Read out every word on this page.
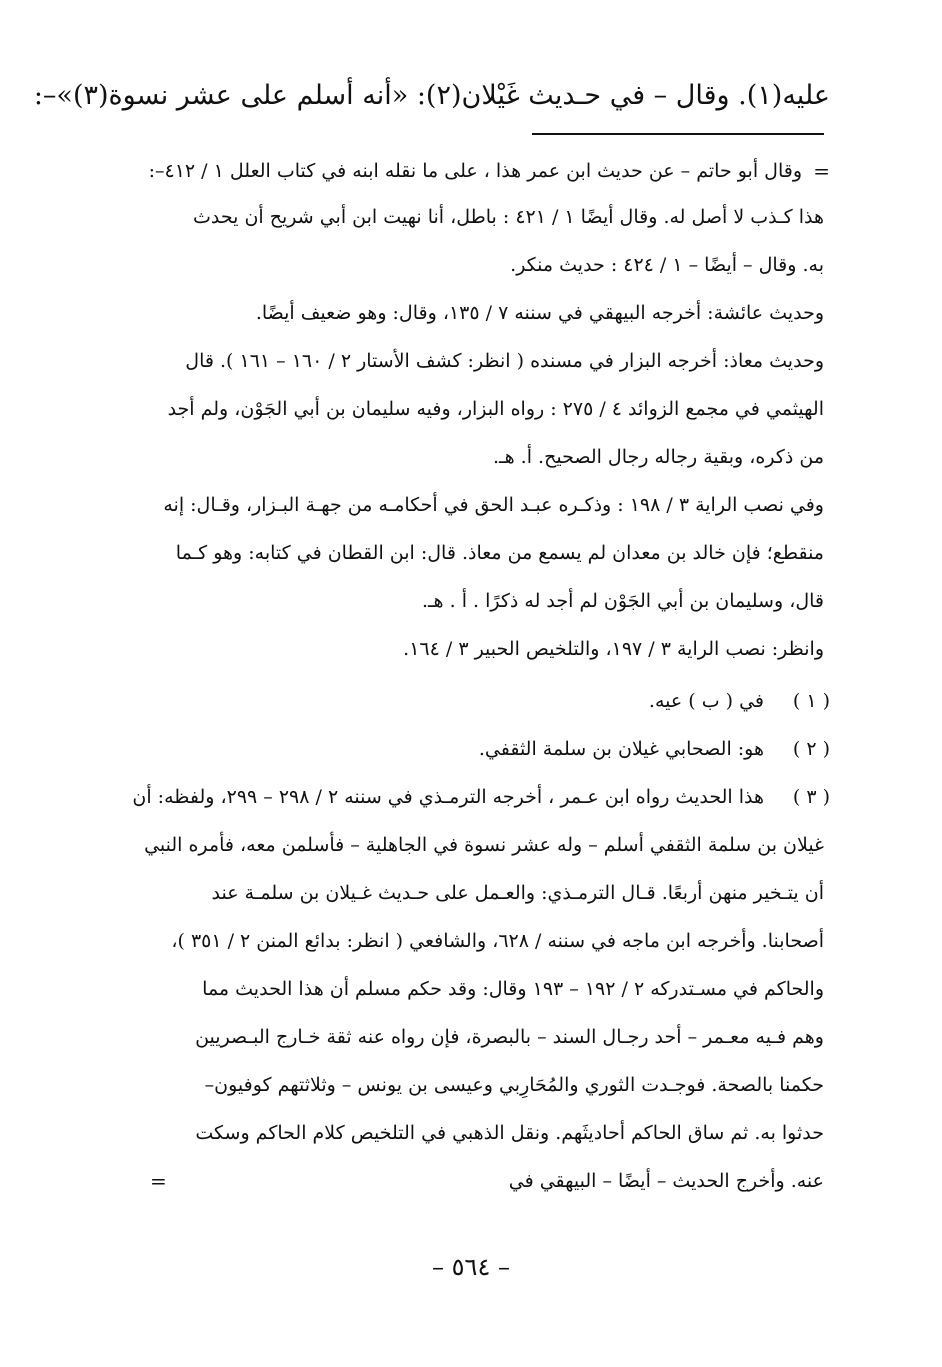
عليه(١). وقال – في حـديث غَيْلان(٢): «أنه أسلم على عشر نسوة(٣)»–:

=
وقال أبو حاتم – عن حديث ابن عمر هذا ، على ما نقله ابنه في كتاب العلل ١ / ٤١٢–:
هذا كـذب لا أصل له. وقال أيضًا ١ / ٤٢١ : باطل، أنا نهيت ابن أبي شريح أن يحدث
به. وقال – أيضًا – ١ / ٤٢٤ : حديث منكر.
وحديث عائشة: أخرجه البيهقي في سننه ٧ / ١٣٥، وقال: وهو ضعيف أيضًا.
وحديث معاذ: أخرجه البزار في مسنده ( انظر: كشف الأستار ٢ / ١٦٠ – ١٦١ ). قال
الهيثمي في مجمع الزوائد ٤ / ٢٧٥ : رواه البزار، وفيه سليمان بن أبي الجَوْن، ولم أجد
من ذكره، وبقية رجاله رجال الصحيح. أ. هـ.
وفي نصب الراية ٣ / ١٩٨ : وذكـره عبـد الحق في أحكامـه من جهـة البـزار، وقـال: إنه
منقطع؛ فإن خالد بن معدان لم يسمع من معاذ. قال: ابن القطان في كتابه: وهو كـما
قال، وسليمان بن أبي الجَوْن لم أجد له ذكرًا . أ . هـ.
وانظر: نصب الراية ٣ / ١٩٧، والتلخيص الحبير ٣ / ١٦٤.
( ١ )
في ( ب ) عيه.
( ٢ )
هو: الصحابي غيلان بن سلمة الثقفي.
( ٣ )
هذا الحديث رواه ابن عـمر ، أخرجه الترمـذي في سننه ٢ / ٢٩٨ – ٢٩٩، ولفظه: أن
غيلان بن سلمة الثقفي أسلم – وله عشر نسوة في الجاهلية – فأسلمن معه، فأمره النبي
أن يتـخير منهن أربعًا. قـال الترمـذي: والعـمل على حـديث غـيلان بن سلمـة عند
أصحابنا. وأخرجه ابن ماجه في سننه / ٦٢٨، والشافعي ( انظر: بدائع المنن ٢ / ٣٥١ )،
والحاكم في مسـتدركه ٢ / ١٩٢ – ١٩٣ وقال: وقد حكم مسلم أن هذا الحديث مما
وهم فـيه معـمر – أحد رجـال السند – بالبصرة، فإن رواه عنه ثقة خـارج البـصريين
حكمنا بالصحة. فوجـدت الثوري والمُحَارِبي وعيسى بن يونس – وثلاثتهم كوفيون–
حدثوا به. ثم ساق الحاكم أحاديثَهم. ونقل الذهبي في التلخيص كلام الحاكم وسكت
عنه. وأخرج الحديث – أيضًا – البيهقي في
=
– ٥٦٤ –
